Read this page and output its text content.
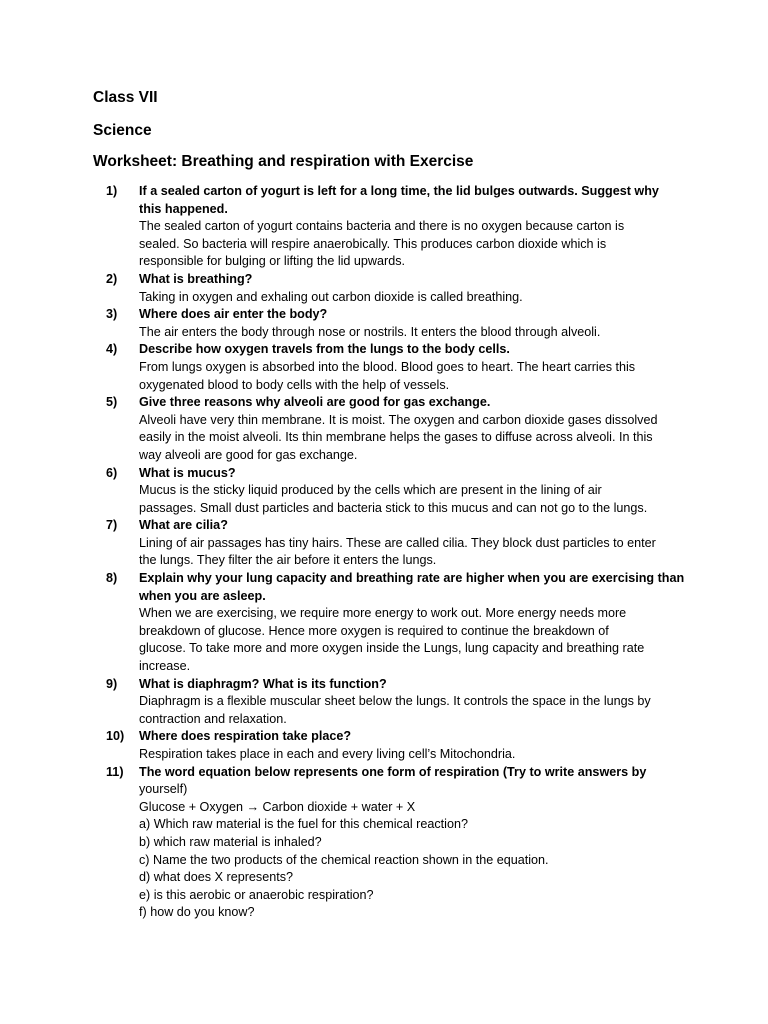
Class VII
Science
Worksheet: Breathing and respiration with Exercise
1)	If a sealed carton of yogurt is left for a long time, the lid bulges outwards. Suggest why
this happened.
The sealed carton of yogurt contains bacteria and there is no oxygen because carton is
sealed. So bacteria will respire anaerobically. This produces carbon dioxide which is
responsible for bulging or lifting the lid upwards.
2)	What is breathing?
Taking in oxygen and exhaling out carbon dioxide is called breathing.
3)	Where does air enter the body?
The air enters the body through nose or nostrils. It enters the blood through alveoli.
4)	Describe how oxygen travels from the lungs to the body cells.
From lungs oxygen is absorbed into the blood. Blood goes to heart. The heart carries this
oxygenated blood to body cells with the help of vessels.
5)	Give three reasons why alveoli are good for gas exchange.
Alveoli have very thin membrane. It is moist. The oxygen and carbon dioxide gases dissolved
easily in the moist alveoli. Its thin membrane helps the gases to diffuse across alveoli. In this
way alveoli are good for gas exchange.
6)	What is mucus?
Mucus is the sticky liquid produced by the cells which are present in the lining of air
passages. Small dust particles and bacteria stick to this mucus and can not go to the lungs.
7)	What are cilia?
Lining of air passages has tiny hairs. These are called cilia. They block dust particles to enter
the lungs. They filter the air before it enters the lungs.
8)	Explain why your lung capacity and breathing rate are higher when you are exercising than
when you are asleep.
When we are exercising, we require more energy to work out. More energy needs more
breakdown of glucose. Hence more oxygen is required to continue the breakdown of
glucose. To take more and more oxygen inside the Lungs, lung capacity and breathing rate
increase.
9)	What is diaphragm? What is its function?
Diaphragm is a flexible muscular sheet below the lungs. It controls the space in the lungs by
contraction and relaxation.
10)	Where does respiration take place?
Respiration takes place in each and every living cell’s Mitochondria.
11)	The word equation below represents one form of respiration (Try to write answers by
yourself)
Glucose + Oxygen → Carbon dioxide + water + X
a) Which raw material is the fuel for this chemical reaction?
b) which raw material is inhaled?
c) Name the two products of the chemical reaction shown in the equation.
d) what does X represents?
e) is this aerobic or anaerobic respiration?
f) how do you know?
